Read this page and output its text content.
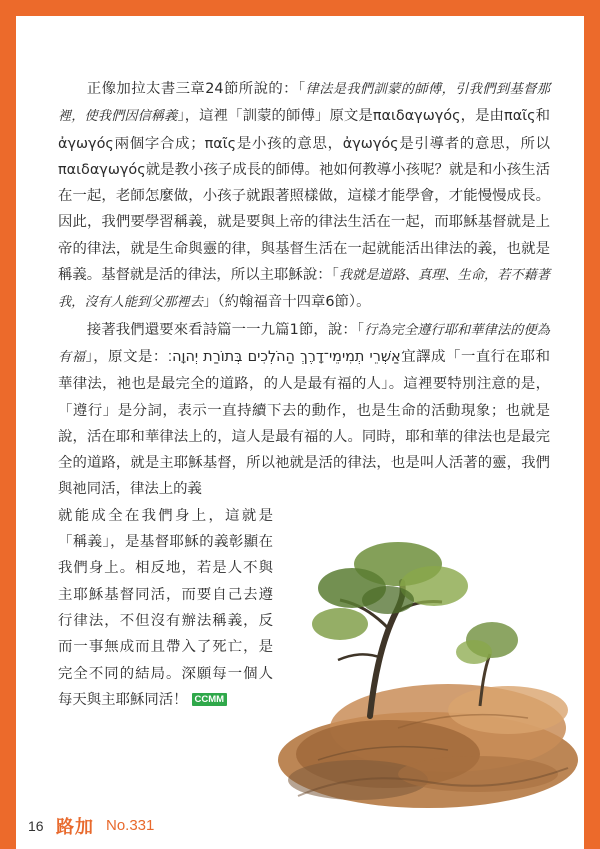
正像加拉太書三章24節所說的：「律法是我們訓蒙的師傅，引我們到基督那裡，使我們因信稱義」，這裡「訓蒙的師傅」原文是παιδαγωγός，是由παῖς和ἀγωγός兩個字合成；παῖς是小孩的意思，ἀγωγός是引導者的意思，所以παιδαγωγός就是教小孩子成長的師傅。祂如何教導小孩呢？就是和小孩生活在一起，老師怎麼做，小孩子就跟著照樣做，這樣才能學會，才能慢慢成長。因此，我們要學習稱義，就是要與上帝的律法生活在一起，而耶穌基督就是上帝的律法，就是生命與靈的律，與基督生活在一起就能活出律法的義，也就是稱義。基督就是活的律法，所以主耶穌說：「我就是道路、真理、生命，若不藉著我，沒有人能到父那裡去」（約翰福音十四章6節）。

接著我們還要來看詩篇一一九篇1節，說：「行為完全遵行耶和華律法的便為有福」，原文是：אַשְׁרֵי תְמִימֵי־דָרֶךְ הַהֹלְכִים בְּתוֹרַת יְהוָה׃宜譯成「一直行在耶和華律法，祂也是最完全的道路，的人是最有福的人」。這裡要特別注意的是，「遵行」是分詞，表示一直持續下去的動作，也是生命的活動現象；也就是說，活在耶和華律法上的，這人是最有福的人。同時，耶和華的律法也是最完全的道路，就是主耶穌基督，所以祂就是活的律法，也是叫人活著的靈，我們與祂同活，律法上的義

就能成全在我們身上，這就是「稱義」，是基督耶穌的義彰顯在我們身上。相反地，若是人不與主耶穌基督同活，而要自己去遵行律法，不但沒有辦法稱義，反而一事無成而且帶入了死亡，是完全不同的結局。深願每一個人每天與主耶穌同活！ CCMM
16 路加 No.331
